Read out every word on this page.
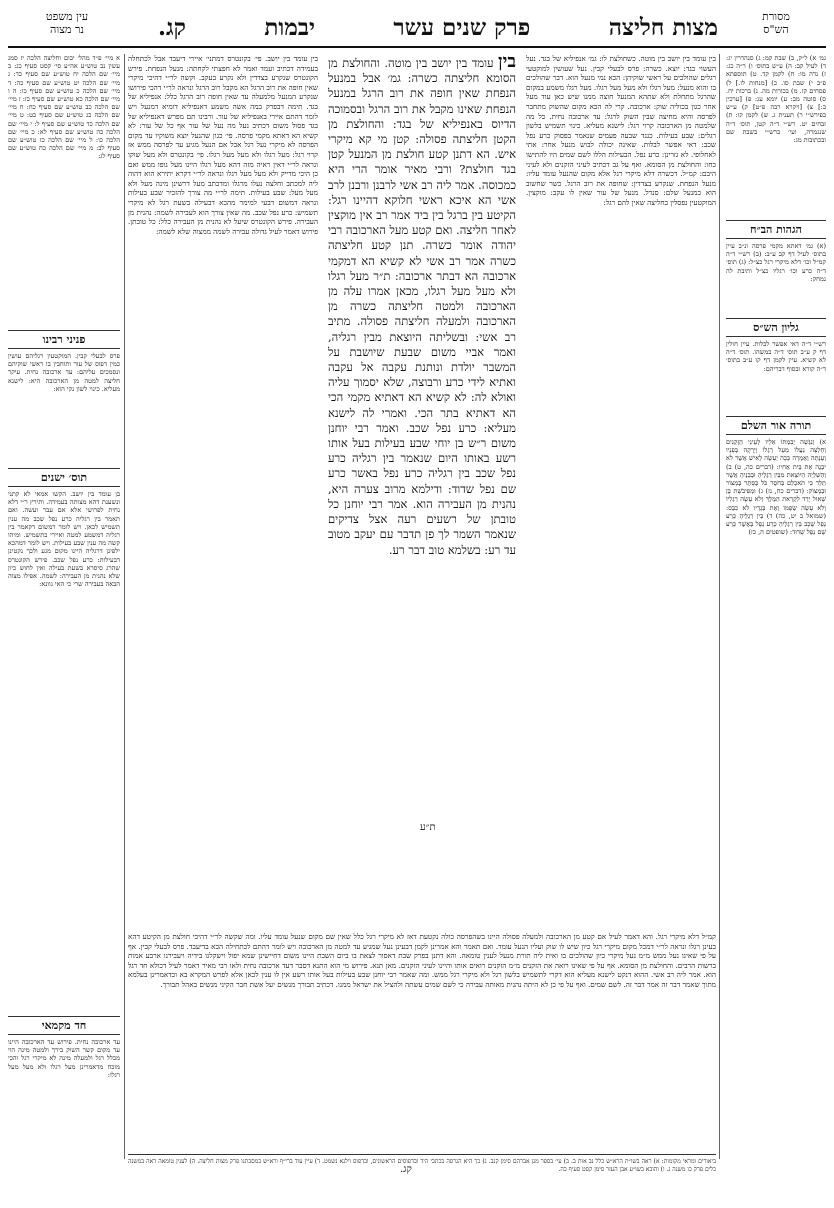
מסורת
הש"ס
מצות חליצה
פרק שנים עשר
יבמות
קג.
עין משפט
נר מצוה
גמ׳ א) ל״ק, ב) שבת קמ: ג) סנהדרין יג: ד) לעיל קב: ה) ע״ש בתוס׳ ו) ר״ה כג: ז) נדה מו: ח) לקמן קד. ט) תוספתא פ״ב י) שבת סו. כ) [מנחות לו.] ל) פסחים קז. מ) בכורות מה. נ) ברכות יח. ס) סוטה מב: ע) יומא עג: פ) [ערכין ב:] צ) [ויקרא רבה פ״ט] ק) ע״ש בפירש״י ר) תענית ג. ש) לקמן קו: ת) זבחים יט. רש״י ד״ה קטן, תוס׳ ד״ה שנגמרה, ועי׳ ברש״י בשבת שם ובכתובות מג:
הגהות הב״ח
(א) גמ׳ דאתא מקמי פרסה ונ״ב עיין בתוס׳ לעיל דף קב ע״ב: (ב) רש״י ד״ה קמ״ל וכו׳ דלא מיקרי רגל כצ״ל: (ג) תוס׳ ד״ה כרע וכו׳ רגליו כצ״ל ותיבת לה נמחק:
גליון הש״ס
רש״י ד״ה דאי אפשר לבלות. עיין חולין דף ק ע״ב תוס׳ ד״ה במשהו. תוס׳ ד״ה לא קשיא. עיין לקמן דף קו ע״ב בתוס׳ ד״ה קורא ובסוף דבריהם:
תורה אור השלם
א) וְנִגְּשָׁה יְבִמְתּוֹ אֵלָיו לְעֵינֵי הַזְּקֵנִים וְחָלְצָה נַעֲלוֹ מֵעַל רַגְלוֹ וְיָרְקָה בְּפָנָיו וְעָנְתָה וְאָמְרָה כָּכָה יֵעָשֶׂה לָאִישׁ אֲשֶׁר לֹא יִבְנֶה אֶת בֵּית אָחִיו: (דברים כה, ט) ב) וְהַשִּׁלְיָה הַיּוֹצֵאת מִבֵּין רַגְלֶיהָ וּבְבָנֶיהָ אֲשֶׁר תֵּלֵד כִּי תֹאכְלֵם בְּחֹסֶר כֹּל בַּסָּתֶר בְּמָצוֹר וּבְמָצוֹק: (דברים כח, נז) ג) וּמְפִיבֹשֶׁת בֶּן שָׁאוּל יָרַד לִקְרַאת הַמֶּלֶךְ וְלֹא עָשָׂה רַגְלָיו וְלֹא עָשָׂה שְׂפָמוֹ וְאֶת בְּגָדָיו לֹא כִבֵּס: (שמואל ב יט, כה) ד) בֵּין רַגְלֶיהָ כָּרַע נָפַל שָׁכָב בֵּין רַגְלֶיהָ כָּרַע נָפָל בַּאֲשֶׁר כָּרַע שָׁם נָפַל שָׁדוּד: (שופטים ה, כז)
א מיי׳ פ״ד מהל׳ יבום וחליצה הלכה יז סמג עשין נב טוש״ע אה״ע סי׳ קסט סעיף כג: ב מיי׳ שם הלכה יח טוש״ע שם סעיף כד: ג מיי׳ שם הלכה יט טוש״ע שם סעיף כה: ד מיי׳ שם הלכה כ טוש״ע שם סעיף כו: ה ו מיי׳ שם הלכה כא טוש״ע שם סעיף כז: ז מיי׳ שם הלכה כב טוש״ע שם סעיף כח: ח מיי׳ שם הלכה כג טוש״ע שם סעיף כט: ט מיי׳ שם הלכה כד טוש״ע שם סעיף ל: י מיי׳ שם הלכה כה טוש״ע שם סעיף לא: כ מיי׳ שם הלכה כו: ל מיי׳ שם הלכה כז טוש״ע שם סעיף לב: מ מיי׳ שם הלכה כח טוש״ע שם סעיף לג:
פניני רבינו
פרס לבעלי קבין. המוקטעין רגליהם עושין כמין דפוס של עור ותוחבין בו ראשי שוקיהם ונסמכים עליהם: עד ארכובה נחית. עיקר חליצה למטה מן הארכובה היא: לישנא מעליא. כינוי לשון נקי הוא:
תוס׳ ישנים
בן עומד בין יושב. הקשו אמאי לא קתני ונשענת דהא מצותה בעמידה. ותירץ ר״י דלא נחית לפרושי אלא אם עבר ועשה. ואם תאמר בין רגליה כרע נפל שכב מה ענין תשמיש לכאן. ויש לומר דמשום דקאמר בין רגליה דמשמע למטה ואיירי בתשמיש. ומיהו קשה מה ענין שבע בעילות. ויש לומר דמהכא ילפינן דרגליה היינו מקום מגע ולכך נקטינן דבעילות: כרע נפל שכב. פירש הקונטרס שהרג סיסרא בשעת בעילה ואין לחוש כיון שלא נהנית מן העבירה: לשמה. אפילו מצוה הבאה בעבירה שרי כי האי גוונא:
חד מקמאי
עד ארכובה נחית. פירוש עד הארכובה היינו עד מקום קשר השוק בירך ולמטה מינה הוי מכלל רגל ולמעלה מינה לא מיקרי רגל והכי מוכח מדאמרינן מעל רגלו ולא מעל מעל רגלו:
בין עומד בין יושב בין מוטה. כשחולצת לו: גמ׳ אנפיליא של בגד. נעל העשוי בגד: יוצא. כשרה: פרס לבעלי קבין. נעל שעושין למוקטעי רגלים שהולכים על ראשי שוקיהן: הכא נמי מנעל הוא. דבר שהולכים בו והוא מנעל: מעל רגלו ולא מעל מעל רגלו. מעל רגלו משמע במקום שהרגל מתחלת ולא שתהא המנעל חוצה ממנו שיש כאן עוד מעל אחר כגון בכוליה שוק: ארכובה. קרי לה הכא מקום שהשוק מתחבר לפרסה והיא מחיצה שבין השוק לרגל: עד ארכובה נחית. כל מה שלמטה מן הארכובה קרוי רגל: לישנא מעליא. כינוי תשמיש בלשון רגלים: שבע בעילות. כנגד שבעה פעמים שנאמר בפסוק כרע נפל שכב: דאי אפשר לבלות. שאינה יכולה לבוש מנעל אחר: אתי לאחלופי. לא גזרינן: כרע נפל. הבעילות הללו לשם שמים היו להתישו כחו: והחולצת מן הסומא. ואף על גב דכתיב לעיני הזקנים ולא לעיני היבם: קמ״ל. דכשרה דלא מיקרי רגל אלא מקום שהנעל עומד עליו: מנעל הנפחת. שנקרע בצדדין: שחופה את רוב הרגל. כשר שחשוב הוא כמנעל שלם: סנדל. מנעל של עור שאין לו עקב: מוקצין. המוקטעין נפסלין בחליצה שאין להם רגל:
בין עומד בין יושב בין מוטה. והחולצת מן הסומא חליצתה כשרה: גמ׳ אבל במנעל הנפחת שאין חופה את רוב הרגל במנעל הנפחת שאינו מקבל את רוב הרגל ובסמוכה הדיוס באנפיליא של בגד: והחולצת מן הקטן חליצתה פסולה: קטן מי קא מיקרי איש. הא דתנן קטע חולצת מן המנעל קטן בגד חולצת? ורבי מאיר אומר הרי היא כמכוסה. אמר ליה רב אשי לרבנן ורבנן לרב אשי הא איכא ראשי חלוקא דהיינו רגל: הקיטע בין ברגל בין ביד אמר רב אין מוקצין לאחר חליצה. ואם קטע מעל הארכובה רבי יהודה אומר כשרה. תנן קטע חליצתה כשרה אמר רב אשי לא קשיא הא דמקמי ארכובה הא דבתר ארכובה: ת״ר מעל רגלו ולא מעל מעל רגלו, מכאן אמרו עלה מן הארכובה ולמטה חליצתה כשרה מן הארכובה ולמעלה חליצתה פסולה. מתיב רב אשי: ובשליתה היוצאת מבין רגליה, ואמר אביי משום שבעת שיושבת על המשבר יולדת ונותנת עקבה אל עקבה ואתיא לידי כרע ורבוצה, שלא יסמוך עליה ואולא לה: לא קשיא הא דאתיא מקמי הכי הא דאתיא בתר הכי. ואמרי לה לישנא מעליא: כרע נפל שכב. ואמר רבי יוחנן משום ר״ש בן יוחי שבע בעילות בעל אותו רשע באותו היום שנאמר בין רגליה כרע נפל שכב בין רגליה כרע נפל באשר כרע שם נפל שדוד: ודילמא מרוב צערה היא, נהנית מן העבירה הוא. אמר רבי יוחנן כל טובתן של רשעים רעה אצל צדיקים שנאמר השמר לך פן תדבר עם יעקב מטוב עד רע: בשלמא טוב דבר רע.
בין עומד בין יושב. פי׳ בקונטרס דמתני׳ איירי דיעבד אבל לכתחלה בעמידה דכתיב ועמד ואמר לא חפצתי לקחתה: מנעל הנפחת. פירש הקונטרס שנקרע בצדדין ולא נקרע בעקב. וקשה לר״י דהיכי מיקרי שאין חופה את רוב הרגל הא מקבל רוב הרגל ונראה לר״י דהכי פירושו שנקרע המנעל מלמעלה עד שאין חופה רוב הרגל כלל: אנפיליא של בגד. תימה דבפרק במה אשה משמע דאנפיליא דומיא דמנעל ויש לומר דהתם איירי באנפיליא של עור. ורבינו תם מפרש דאנפיליא של בגד פסול משום דכתיב נעל מה נעל של עור אף כל של עור: לא קשיא הא דאתא מקמי פרסה. פי׳ כגון שהנעל יוצא משוקיו עד מקום הפרסה לא מיקרי נעל רגל אבל אם הנעל מגיע עד לפרסה ממש אז קרוי רגל: מעל רגלו ולא מעל מעל רגלו. פי׳ בקונטרס ולא מעל שוקו ונראה לר״י דאין ראיה מזה דהא מעל רגלו היינו מעל גופו ממש ואם כן היכי מדייק ולא מעל מעל רגלו ונראה לר״י דקרא יתירא הוא דהוה ליה למכתב וחלצה נעלו מרגלו ומדכתב מעל דרשינן מינה מעל ולא מעל מעל: שבע בעילות. תימה לר״י מה צורך להזכיר שבע בעילות ונראה דמשום דבעי למימר מהכא דבעילה בשעת רגל לא מיקרי תשמיש: כרע נפל שכב. מה שאין צורך הוא לעבירה לשמה: נהנית מן העבירה. פירש הקונטרס שיעל לא נהנית מן העבירה כלל: כל טובתן. פירוש דאמר לעיל גדולה עבירה לשמה ממצוה שלא לשמה:
קמ״ל דלא מיקרי רגל. והא דאמר לעיל אם קטע מן הארכובה ולמעלה פסולה היינו בשהפרסה כולה נקטעת דאז לא מיקרי רגל כלל שאין שם מקום שנעל עומד עליו. ומה שקשה לר״י דהיכי חולצת מן הקיטע דהא בעינן רגלו ונראה לר״י דמכל מקום מיקרי רגל כיון שיש לו שוק ועליו הנעל עומד. ואם תאמר והא אמרינן לקמן דבעינן נעל שמגיע עד למטה מן הארכובה ויש לומר דהתם לכתחילה הכא בדיעבד. פרס לבעלי קבין. אף על פי שאינו נעל ממש מ״מ נעל מיקרי כיון שהולכים בו ואית ליה תורת מנעל לענין טומאה. והא דתנן בפרק שבת דאסור לצאת בו ביום השבת היינו משום דחיישינן שמא יפול וישקלנו בידיה ויעבירנו ארבע אמות ברשות הרבים. והחולצת מן הסומא. אף על פי שאינו רואה את הזקנים מ״מ הזקנים רואים אותו והיינו לעיני הזקנים. מאן תנא. פירוש מי הוא התנא דסבר דעד ארכובה נחית ולאו רבי מאיר דאמר לעיל דכולא חד רגל הוא. אמר ליה רב אשי. ההוא דנקט לישנא מעליא הוא דקרי לתשמיש בלשון רגל ולא מיקרי רגל ממש. ומה שאמר רבי יוחנן שבע בעילות בעל אותו רשע אין לו ענין לכאן אלא לפרש המקרא בא וכדאמרינן בעלמא מתוך שאמר דבר זה אמר דבר זה. לשם שמים. ואף על פי כן לא היתה נהנית מאותה עבירה כי לשם שמים עשתה ולהציל את ישראל ממנו. דכתיב תבורך מנשים יעל אשת חבר הקיני מנשים באהל תבורך.
ביאורים ומראי מקומות: א) ראה בשו״ת הרא״ש כלל נב אות ב. ב) עי׳ בספר מגן אברהם סימן קנב. ג) כך היא הגרסה בכתבי היד ובדפוסים הראשונים, ובדפוס וילנא נשמט. ד) עיין עוד ברי״ף ורא״ש במסכתנו פרק מצות חליצה. ה) לענין טומאה ראה במשנה כלים פרק כו משנה ג. ו) והובא בשו״ע אבן העזר סימן קסט סעיף כה.
ת״ע
קג.
